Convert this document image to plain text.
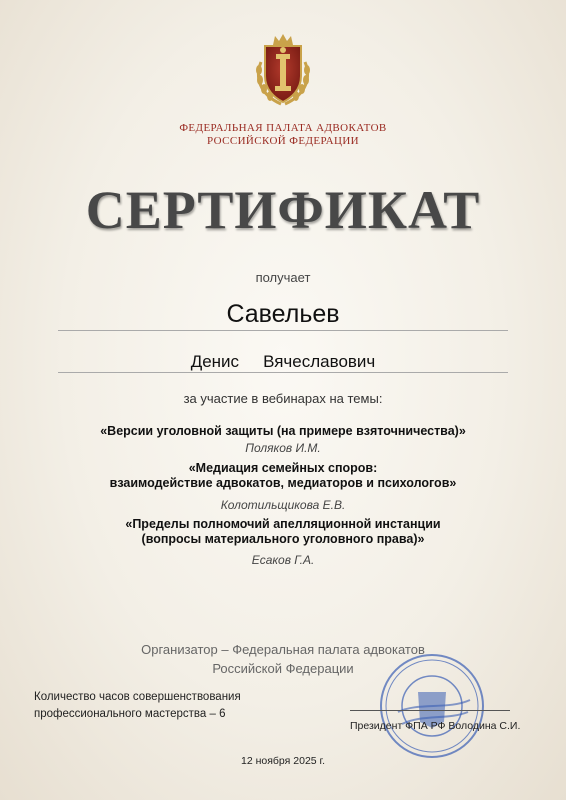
ФЕДЕРАЛЬНАЯ ПАЛАТА АДВОКАТОВ
РОССИЙСКОЙ ФЕДЕРАЦИИ
СЕРТИФИКАТ
получает
Савельев
Денис Вячеславович
за участие в вебинарах на темы:
«Версии уголовной защиты (на примере взяточничества)»
Поляков И.М.
«Медиация семейных споров:
взаимодействие адвокатов, медиаторов и психологов»
Колотильщикова Е.В.
«Пределы полномочий апелляционной инстанции
(вопросы материального уголовного права)»
Есаков Г.А.
Организатор – Федеральная палата адвокатов
Российской Федерации
Количество часов совершенствования
профессионального мастерства – 6
Президент ФПА РФ Володина С.И.
12 ноября 2025 г.
